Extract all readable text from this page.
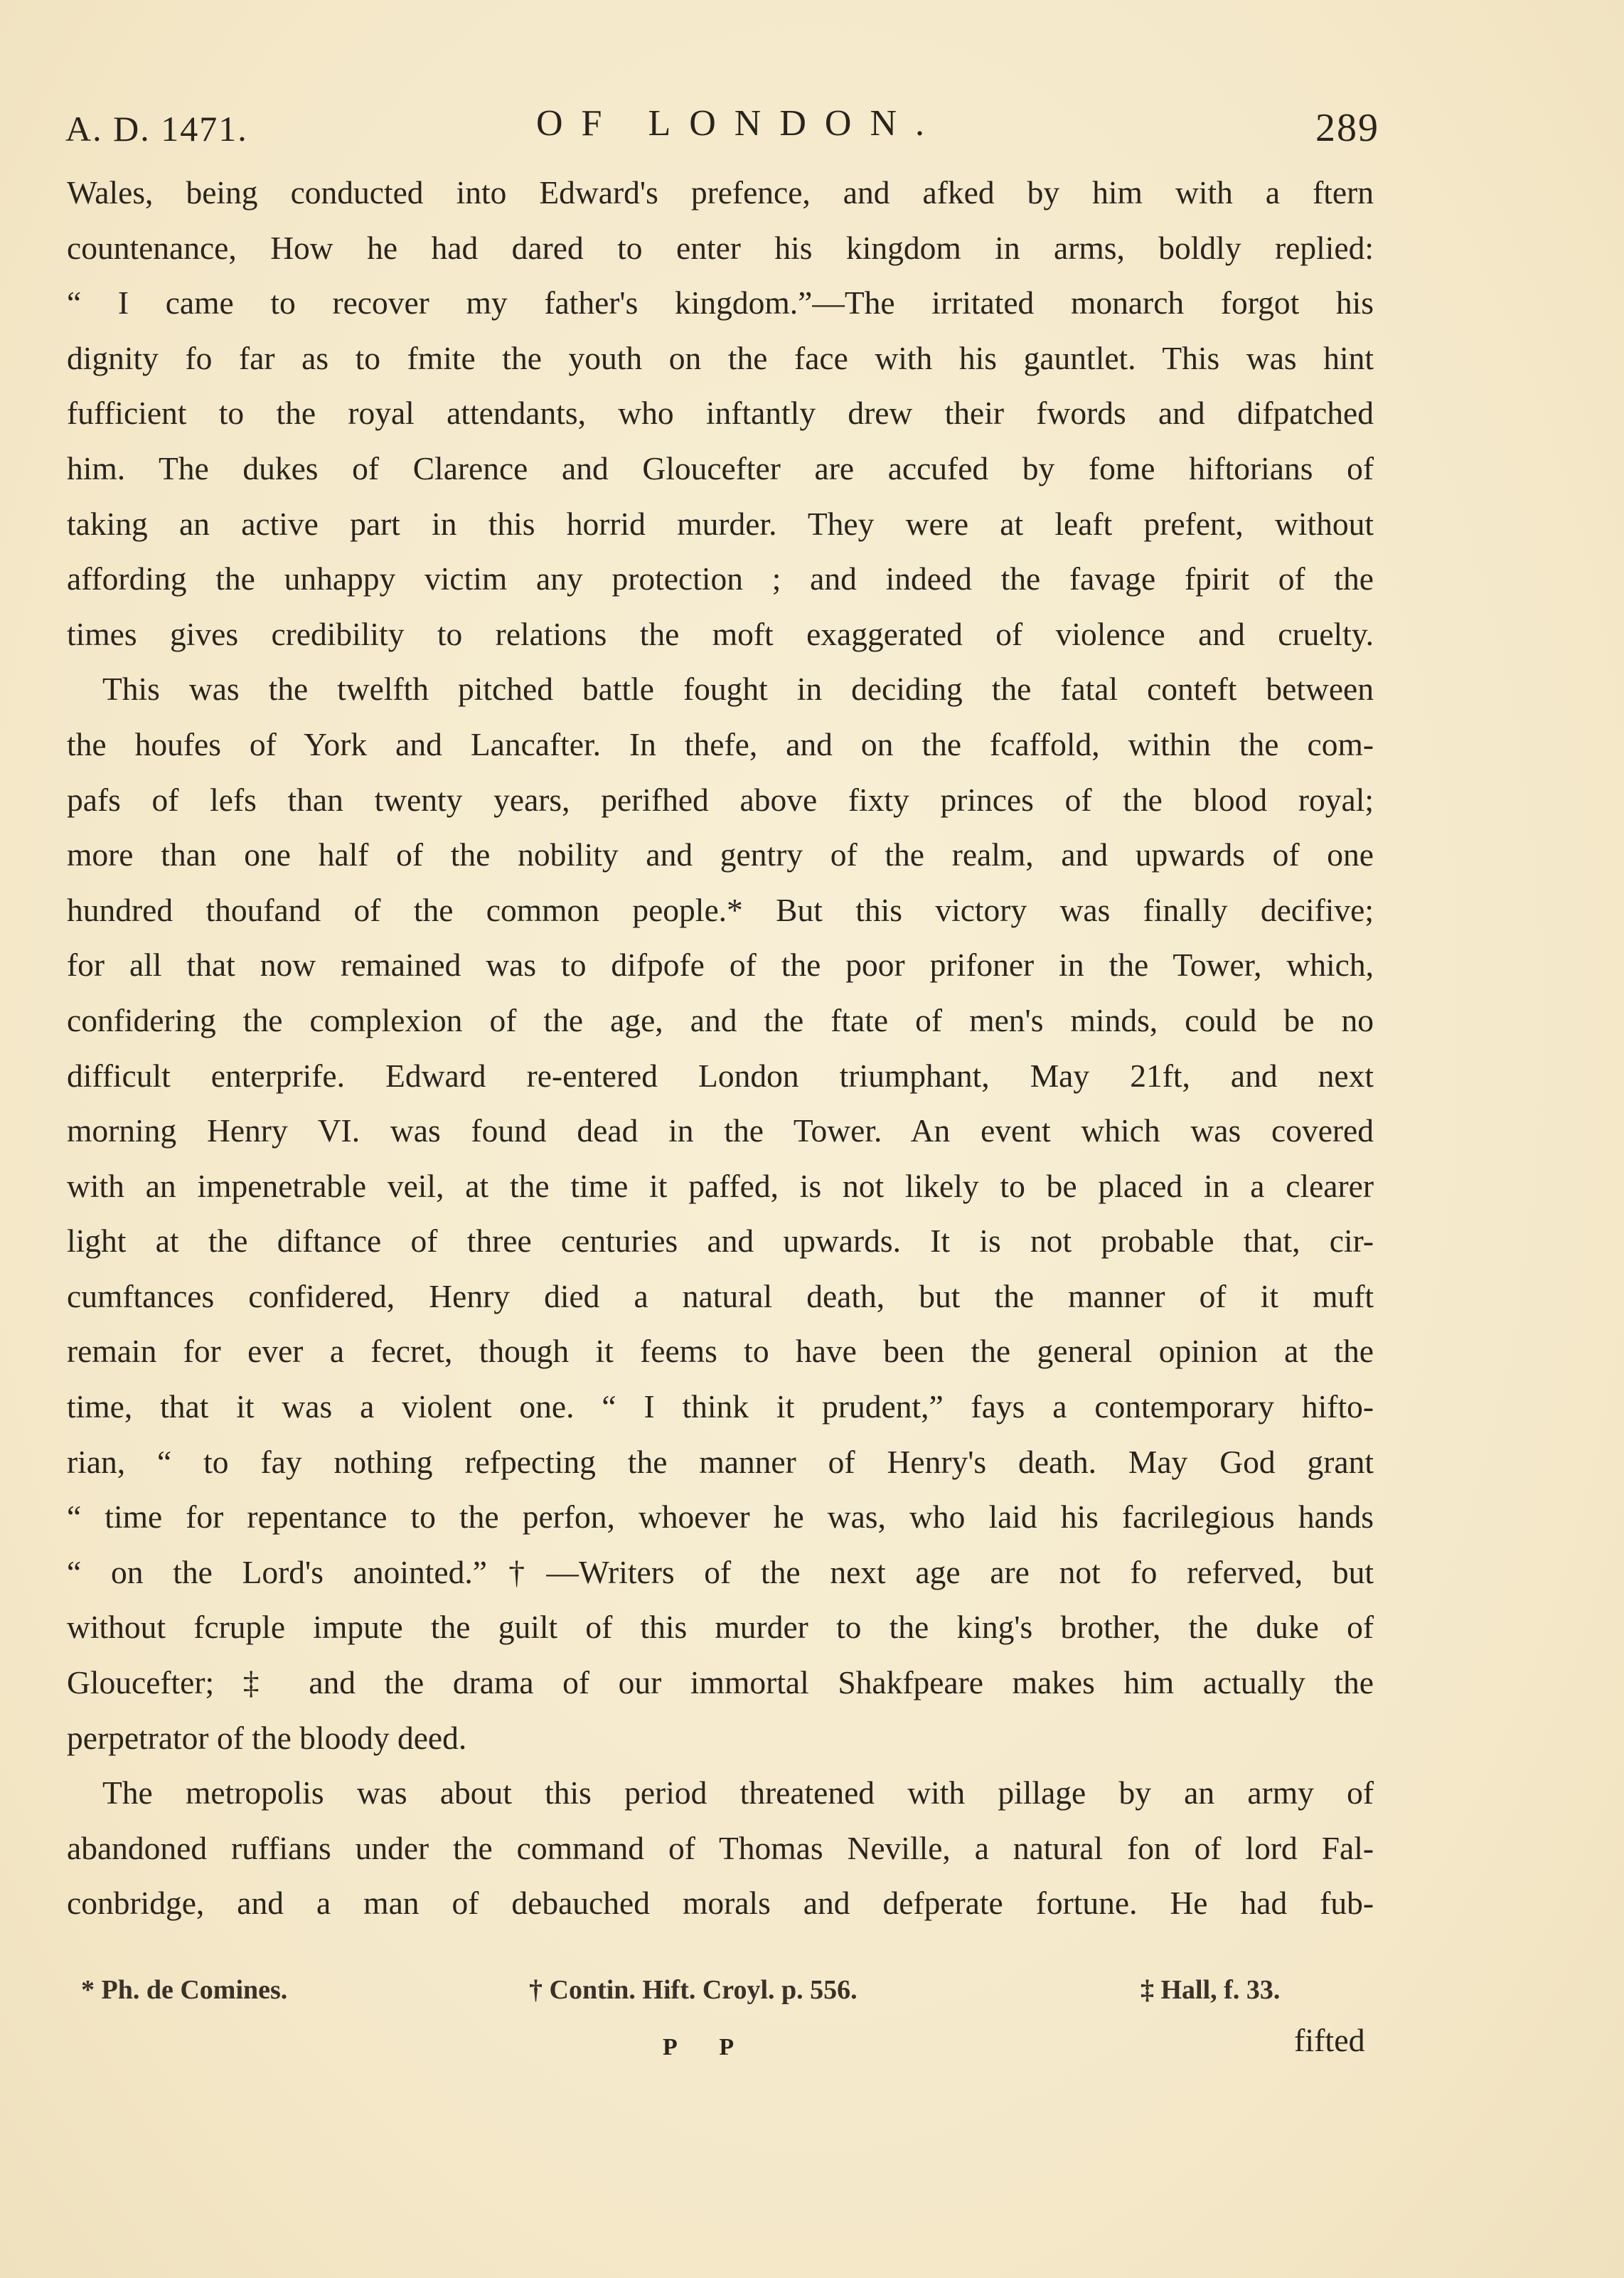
A. D. 1471.	OF LONDON.	289

Wales, being conducted into Edward's prefence, and afked by him with a ftern
countenance, How he had dared to enter his kingdom in arms, boldly replied:
“ I came to recover my father's kingdom.”—The irritated monarch forgot his
dignity fo far as to fmite the youth on the face with his gauntlet. This was hint
fufficient to the royal attendants, who inftantly drew their fwords and difpatched
him. The dukes of Clarence and Gloucefter are accufed by fome hiftorians of
taking an active part in this horrid murder. They were at leaft prefent, without
affording the unhappy victim any protection ; and indeed the favage fpirit of the
times gives credibility to relations the moft exaggerated of violence and cruelty.

This was the twelfth pitched battle fought in deciding the fatal conteft between
the houfes of York and Lancafter. In thefe, and on the fcaffold, within the com-
pafs of lefs than twenty years, perifhed above fixty princes of the blood royal;
more than one half of the nobility and gentry of the realm, and upwards of one
hundred thoufand of the common people.* But this victory was finally decifive;
for all that now remained was to difpofe of the poor prifoner in the Tower, which,
confidering the complexion of the age, and the ftate of men's minds, could be no
difficult enterprife. Edward re-entered London triumphant, May 21ft, and next
morning Henry VI. was found dead in the Tower. An event which was covered
with an impenetrable veil, at the time it paffed, is not likely to be placed in a clearer
light at the diftance of three centuries and upwards. It is not probable that, cir-
cumftances confidered, Henry died a natural death, but the manner of it muft
remain for ever a fecret, though it feems to have been the general opinion at the
time, that it was a violent one. “ I think it prudent,” fays a contemporary hifto-
rian, “ to fay nothing refpecting the manner of Henry's death. May God grant
“ time for repentance to the perfon, whoever he was, who laid his facrilegious hands
“ on the Lord's anointed.”†—Writers of the next age are not fo referved, but
without fcruple impute the guilt of this murder to the king's brother, the duke of
Gloucefter; ‡ and the drama of our immortal Shakfpeare makes him actually the
perpetrator of the bloody deed.

The metropolis was about this period threatened with pillage by an army of
abandoned ruffians under the command of Thomas Neville, a natural fon of lord Fal-
conbridge, and a man of debauched morals and defperate fortune. He had fub-

* Ph. de Comines.	† Contin. Hift. Croyl. p. 556.	‡ Hall, f. 33.
P P	fifted
